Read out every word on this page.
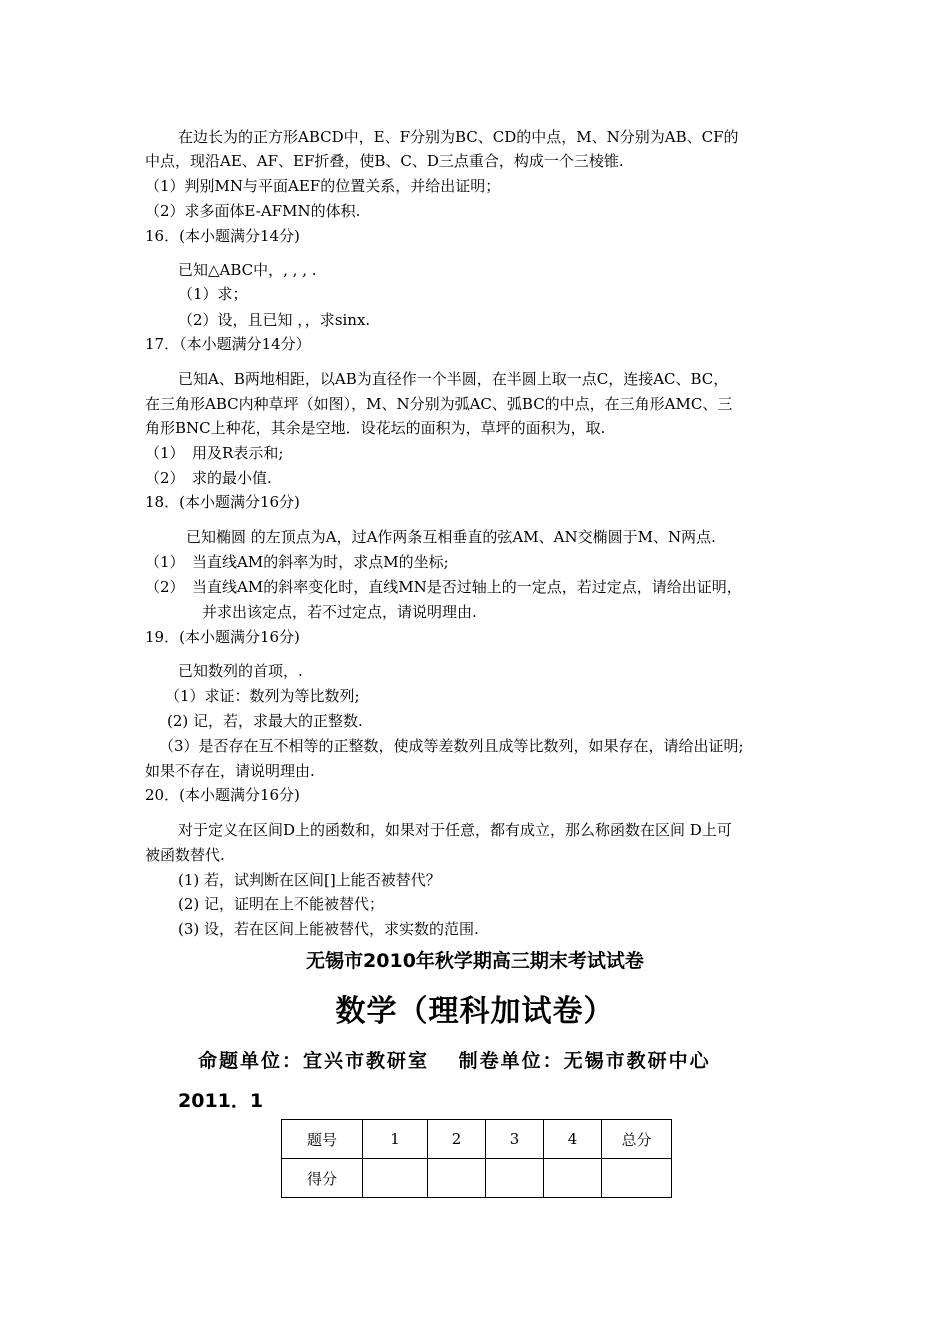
在边长为的正方形ABCD中，E、F分别为BC、CD的中点，M、N分别为AB、CF的
中点，现沿AE、AF、EF折叠，使B、C、D三点重合，构成一个三棱锥.
（1）判别MN与平面AEF的位置关系，并给出证明；
（2）求多面体E-AFMN的体积.
16．(本小题满分14分)
已知△ABC中，, , , .
（1）求；
（2）设，且已知 ，，求sinx.
17．（本小题满分14分）
已知A、B两地相距，以AB为直径作一个半圆，在半圆上取一点C，连接AC、BC，
在三角形ABC内种草坪（如图），M、N分别为弧AC、弧BC的中点，在三角形AMC、三
角形BNC上种花，其余是空地．设花坛的面积为，草坪的面积为，取.
（1）　用及R表示和;
（2）　求的最小值.
18．(本小题满分16分)
已知椭圆 的左顶点为A，过A作两条互相垂直的弦AM、AN交椭圆于M、N两点.
（1）　当直线AM的斜率为时，求点M的坐标;
（2）　当直线AM的斜率变化时，直线MN是否过轴上的一定点，若过定点，请给出证明，
并求出该定点，若不过定点，请说明理由.
19．(本小题满分16分)
已知数列的首项，.
（1）求证：数列为等比数列;
(2) 记，若，求最大的正整数.
（3）是否存在互不相等的正整数，使成等差数列且成等比数列，如果存在，请给出证明;
如果不存在，请说明理由.
20．(本小题满分16分)
对于定义在区间D上的函数和，如果对于任意，都有成立，那么称函数在区间 D上可
被函数替代.
(1) 若，试判断在区间[]上能否被替代？
(2) 记，证明在上不能被替代；
(3) 设，若在区间上能被替代，求实数的范围.
无锡市2010年秋学期高三期末考试试卷
数学（理科加试卷）
命题单位：宜兴市教研室　 制卷单位：无锡市教研中心
2011．1
题号	1	2	3	4	总分
得分					
